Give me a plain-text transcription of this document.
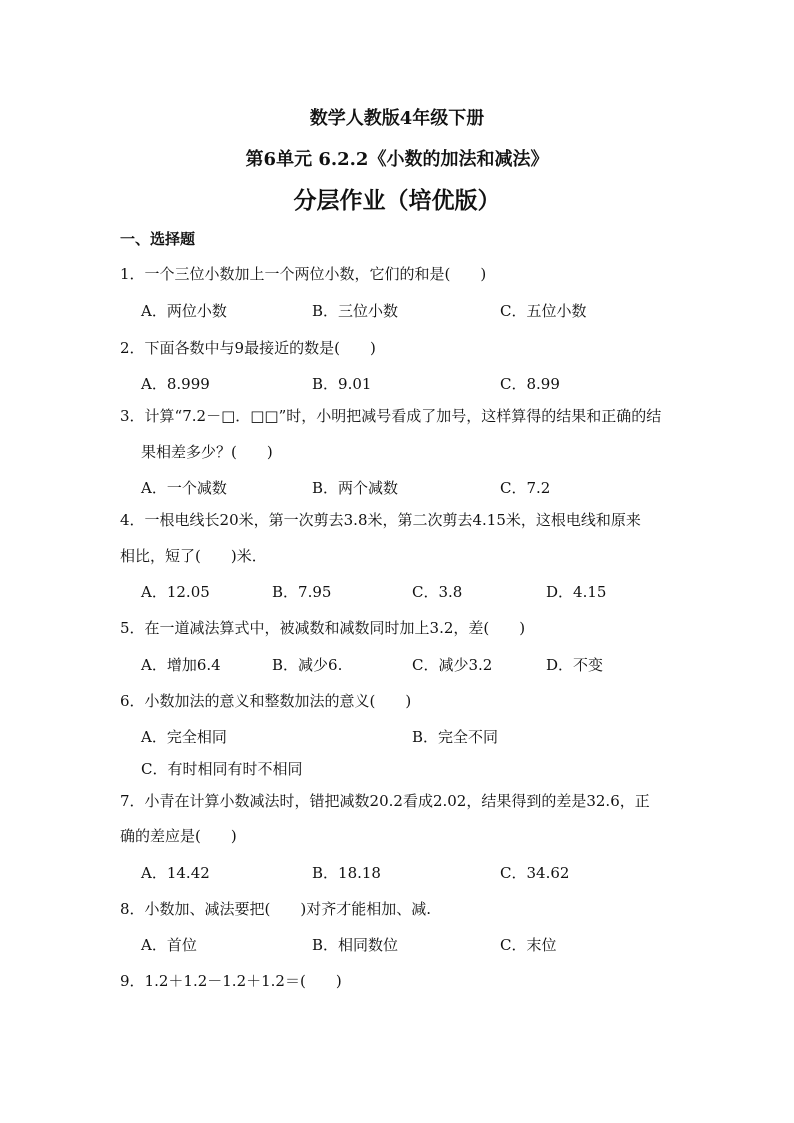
数学人教版4年级下册
第6单元 6.2.2《小数的加法和减法》
分层作业（培优版）
一、选择题
1．一个三位小数加上一个两位小数，它们的和是(　　)
A．两位小数	B．三位小数	C．五位小数
2．下面各数中与9最接近的数是(　　)
A．8.999	B．9.01	C．8.99
3．计算“7.2－□．□□”时，小明把减号看成了加号，这样算得的结果和正确的结
果相差多少？(　　)
A．一个减数	B．两个减数	C．7.2
4．一根电线长20米，第一次剪去3.8米，第二次剪去4.15米，这根电线和原来
相比，短了(　　)米．
A．12.05	B．7.95	C．3.8	D．4.15
5．在一道减法算式中，被减数和减数同时加上3.2，差(　　)
A．增加6.4	B．减少6.	C．减少3.2	D．不变
6．小数加法的意义和整数加法的意义(　　)
A．完全相同	B．完全不同
C．有时相同有时不相同
7．小青在计算小数减法时，错把减数20.2看成2.02，结果得到的差是32.6，正
确的差应是(　　)
A．14.42	B．18.18	C．34.62
8．小数加、减法要把(　　)对齐才能相加、减.
A．首位	B．相同数位	C．末位
9．1.2＋1.2－1.2＋1.2＝(　　)
